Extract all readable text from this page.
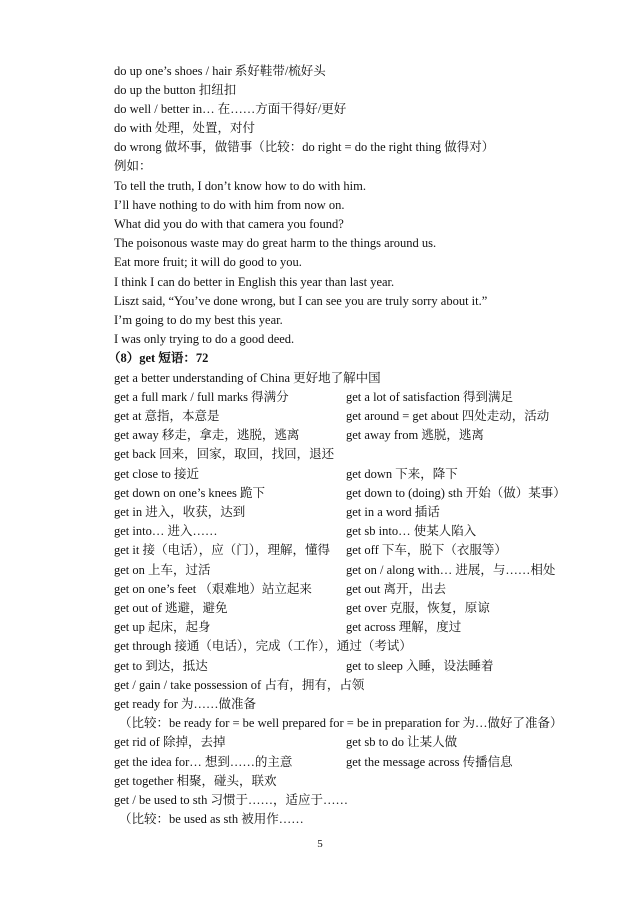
do up one’s shoes / hair 系好鞋带/梳好头
do up the button 扣纽扣
do well / better in… 在……方面干得好/更好
do with 处理，处置，对付
do wrong 做坏事，做错事（比较：do right = do the right thing 做得对）
例如：
To tell the truth, I don’t know how to do with him.
I’ll have nothing to do with him from now on.
What did you do with that camera you found?
The poisonous waste may do great harm to the things around us.
Eat more fruit; it will do good to you.
I think I can do better in English this year than last year.
Liszt said, “You’ve done wrong, but I can see you are truly sorry about it.”
I’m going to do my best this year.
I was only trying to do a good deed.
（8）get 短语：72
get a better understanding of China 更好地了解中国
get a full mark / full marks 得满分	get a lot of satisfaction 得到满足
get at 意指，本意是	get around = get about 四处走动，活动
get away 移走，拿走，逃脱，逃离	get away from 逃脱，逃离
get back 回来，回家，取回，找回，退还
get close to 接近	get down 下来，降下
get down on one’s knees 跪下	get down to (doing) sth 开始（做）某事）
get in 进入，收获，达到	get in a word 插话
get into… 进入……	get sb into… 使某人陷入
get it 接（电话），应（门），理解，懂得 get off 下车，脱下（衣服等）
get on 上车，过活	get on / along with… 进展，与……相处
get on one’s feet （艰难地）站立起来	get out 离开，出去
get out of 逃避，避免	get over 克服，恢复，原谅
get up 起床，起身	get across 理解，度过
get through 接通（电话），完成（工作），通过（考试）
get to 到达，抵达	get to sleep 入睡，设法睡着
get / gain / take possession of 占有，拥有，占领
get ready for 为……做准备
（比较：be ready for = be well prepared for = be in preparation for 为…做好了准备）
get rid of 除掉，去掉	get sb to do 让某人做
get the idea for… 想到……的主意	get the message across 传播信息
get together 相聚，碰头，联欢
get / be used to sth 习惯于……，适应于……
（比较：be used as sth 被用作……
5
